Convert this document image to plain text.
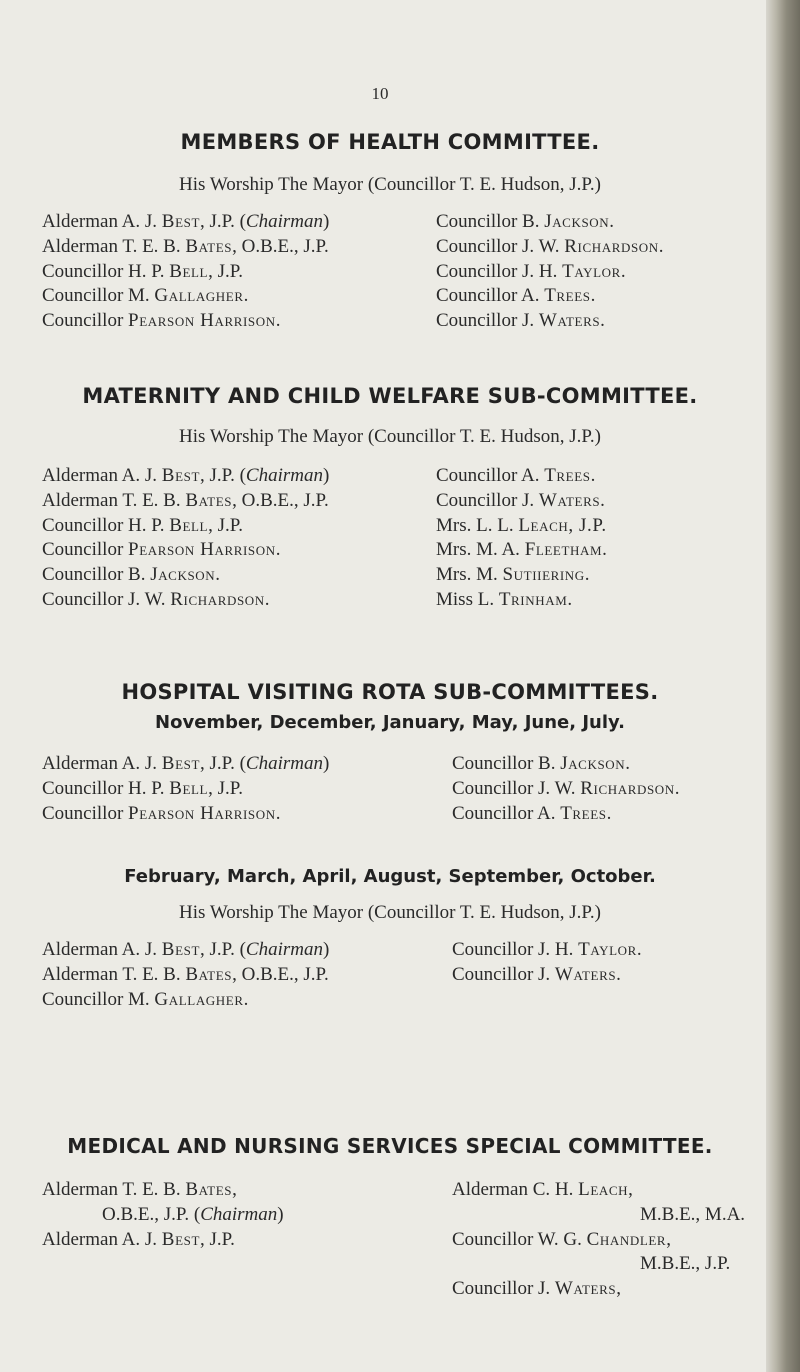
10
MEMBERS OF HEALTH COMMITTEE.
His Worship The Mayor (Councillor T. E. Hudson, J.P.)
Alderman A. J. Best, J.P. (Chairman)
Alderman T. E. B. Bates, O.B.E., J.P.
Councillor H. P. Bell, J.P.
Councillor M. Gallagher.
Councillor Pearson Harrison.
Councillor B. Jackson.
Councillor J. W. Richardson.
Councillor J. H. Taylor.
Councillor A. Trees.
Councillor J. Waters.
MATERNITY AND CHILD WELFARE SUB-COMMITTEE.
His Worship The Mayor (Councillor T. E. Hudson, J.P.)
Alderman A. J. Best, J.P. (Chairman)
Alderman T. E. B. Bates, O.B.E., J.P.
Councillor H. P. Bell, J.P.
Councillor Pearson Harrison.
Councillor B. Jackson.
Councillor J. W. Richardson.
Councillor A. Trees.
Councillor J. Waters.
Mrs. L. L. Leach, J.P.
Mrs. M. A. Fleetham.
Mrs. M. Sutiiering.
Miss L. Trinham.
HOSPITAL VISITING ROTA SUB-COMMITTEES.
November, December, January, May, June, July.
Alderman A. J. Best, J.P. (Chairman)
Councillor H. P. Bell, J.P.
Councillor Pearson Harrison.
Councillor B. Jackson.
Councillor J. W. Richardson.
Councillor A. Trees.
February, March, April, August, September, October.
His Worship The Mayor (Councillor T. E. Hudson, J.P.)
Alderman A. J. Best, J.P. (Chairman)
Alderman T. E. B. Bates, O.B.E., J.P.
Councillor M. Gallagher.
Councillor J. H. Taylor.
Councillor J. Waters.
MEDICAL AND NURSING SERVICES SPECIAL COMMITTEE.
Alderman T. E. B. Bates,
O.B.E., J.P. (Chairman)
Alderman A. J. Best, J.P.
Alderman C. H. Leach,
M.B.E., M.A.
Councillor W. G. Chandler,
M.B.E., J.P.
Councillor J. Waters,
